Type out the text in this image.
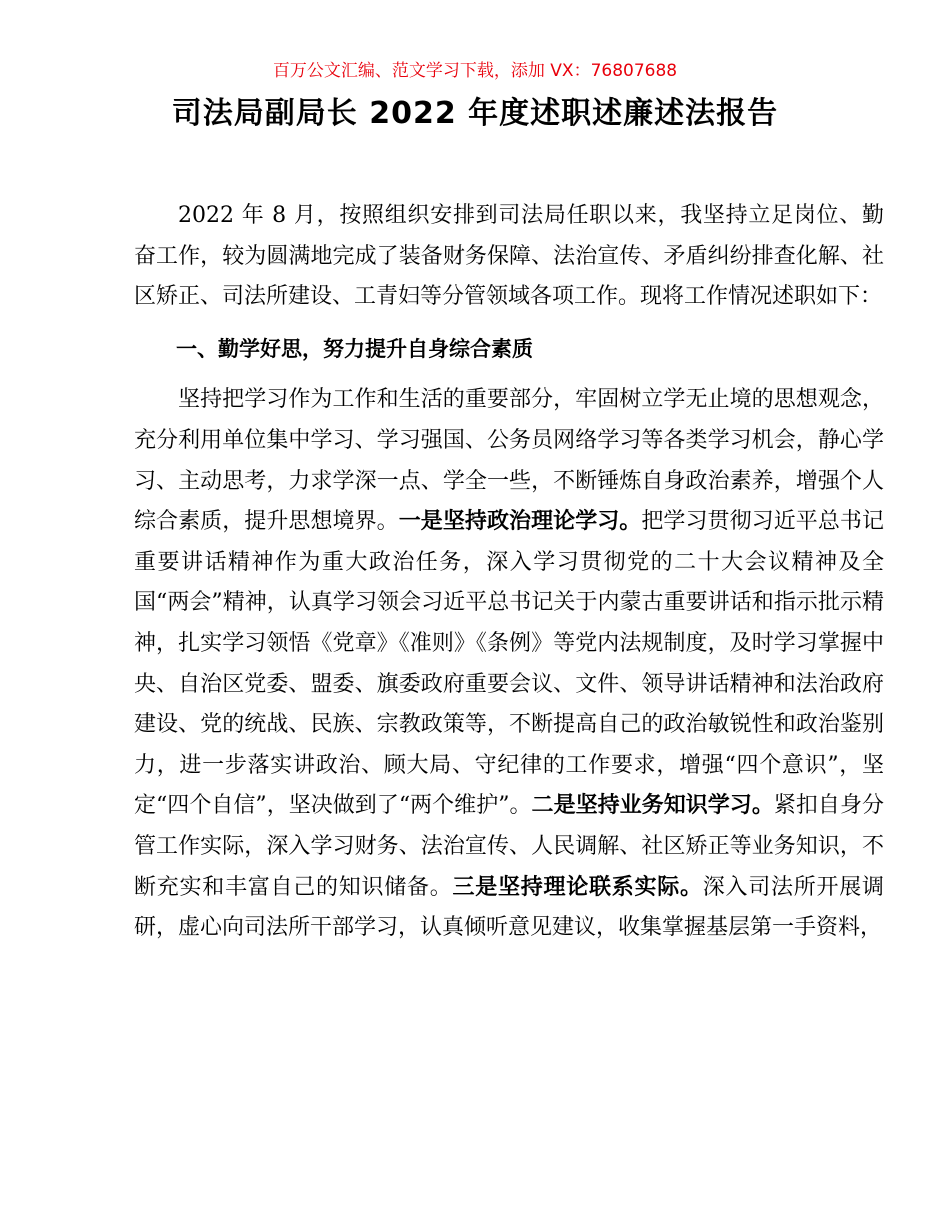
百万公文汇编、范文学习下载，添加 VX：76807688
司法局副局长 2022 年度述职述廉述法报告

2022 年 8 月，按照组织安排到司法局任职以来，我坚持立足岗位、勤奋工作，较为圆满地完成了装备财务保障、法治宣传、矛盾纠纷排查化解、社区矫正、司法所建设、工青妇等分管领域各项工作。现将工作情况述职如下：

一、勤学好思，努力提升自身综合素质

坚持把学习作为工作和生活的重要部分，牢固树立学无止境的思想观念，充分利用单位集中学习、学习强国、公务员网络学习等各类学习机会，静心学习、主动思考，力求学深一点、学全一些，不断锤炼自身政治素养，增强个人综合素质，提升思想境界。一是坚持政治理论学习。把学习贯彻习近平总书记重要讲话精神作为重大政治任务，深入学习贯彻党的二十大会议精神及全国“两会”精神，认真学习领会习近平总书记关于内蒙古重要讲话和指示批示精神，扎实学习领悟《党章》《准则》《条例》等党内法规制度，及时学习掌握中央、自治区党委、盟委、旗委政府重要会议、文件、领导讲话精神和法治政府建设、党的统战、民族、宗教政策等，不断提高自己的政治敏锐性和政治鉴别力，进一步落实讲政治、顾大局、守纪律的工作要求，增强“四个意识”，坚定“四个自信”，坚决做到了“两个维护”。二是坚持业务知识学习。紧扣自身分管工作实际，深入学习财务、法治宣传、人民调解、社区矫正等业务知识，不断充实和丰富自己的知识储备。三是坚持理论联系实际。深入司法所开展调研，虚心向司法所干部学习，认真倾听意见建议，收集掌握基层第一手资料，
